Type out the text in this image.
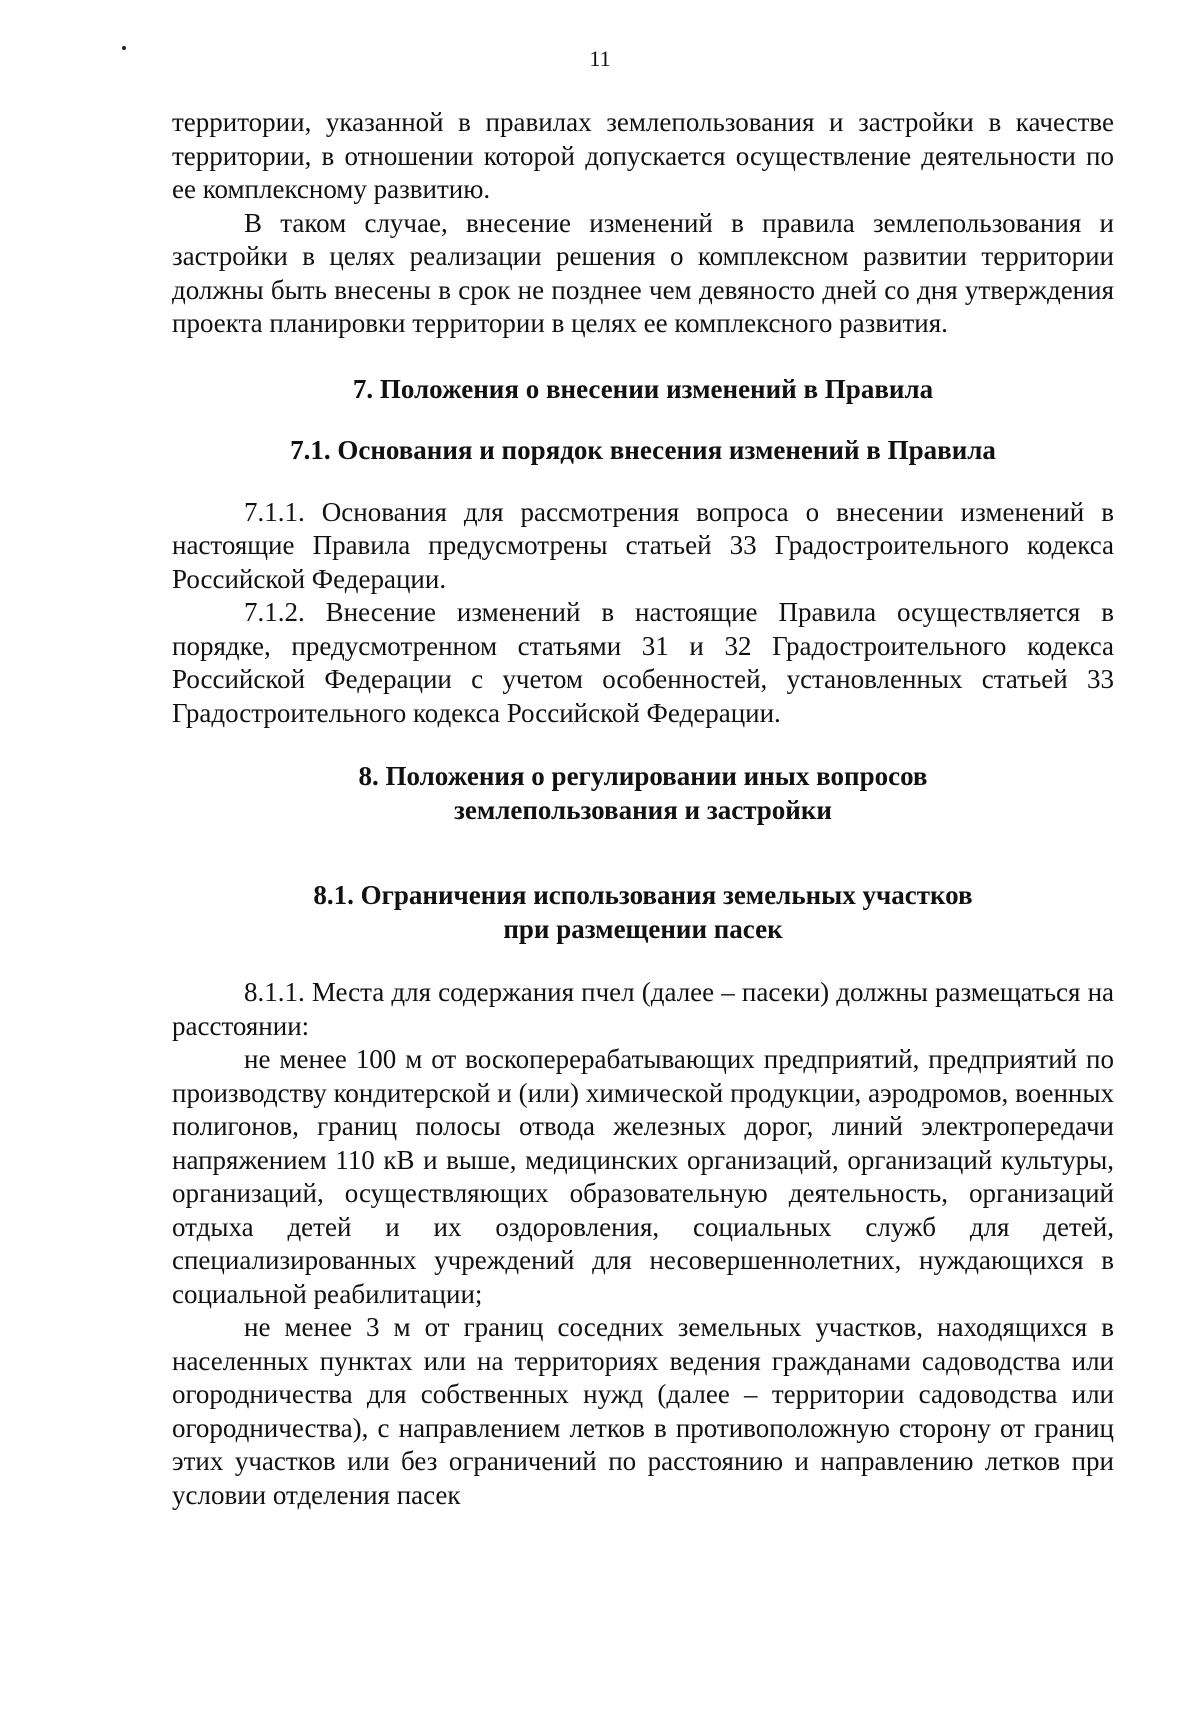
11

территории, указанной в правилах землепользования и застройки в качестве территории, в отношении которой допускается осуществление деятельности по ее комплексному развитию.

В таком случае, внесение изменений в правила землепользования и застройки в целях реализации решения о комплексном развитии территории должны быть внесены в срок не позднее чем девяносто дней со дня утверждения проекта планировки территории в целях ее комплексного развития.

7. Положения о внесении изменений в Правила
7.1. Основания и порядок внесения изменений в Правила

7.1.1. Основания для рассмотрения вопроса о внесении изменений в настоящие Правила предусмотрены статьей 33 Градостроительного кодекса Российской Федерации.

7.1.2. Внесение изменений в настоящие Правила осуществляется в порядке, предусмотренном статьями 31 и 32 Градостроительного кодекса Российской Федерации с учетом особенностей, установленных статьей 33 Градостроительного кодекса Российской Федерации.

8. Положения о регулировании иных вопросов
землепользования и застройки
8.1. Ограничения использования земельных участков
при размещении пасек

8.1.1. Места для содержания пчел (далее – пасеки) должны размещаться на расстоянии:

не менее 100 м от воскоперерабатывающих предприятий, предприятий по производству кондитерской и (или) химической продукции, аэродромов, военных полигонов, границ полосы отвода железных дорог, линий электропередачи напряжением 110 кВ и выше, медицинских организаций, организаций культуры, организаций, осуществляющих образовательную деятельность, организаций отдыха детей и их оздоровления, социальных служб для детей, специализированных учреждений для несовершеннолетних, нуждающихся в социальной реабилитации;

не менее 3 м от границ соседних земельных участков, находящихся в населенных пунктах или на территориях ведения гражданами садоводства или огородничества для собственных нужд (далее – территории садоводства или огородничества), с направлением летков в противоположную сторону от границ этих участков или без ограничений по расстоянию и направлению летков при условии отделения пасек
